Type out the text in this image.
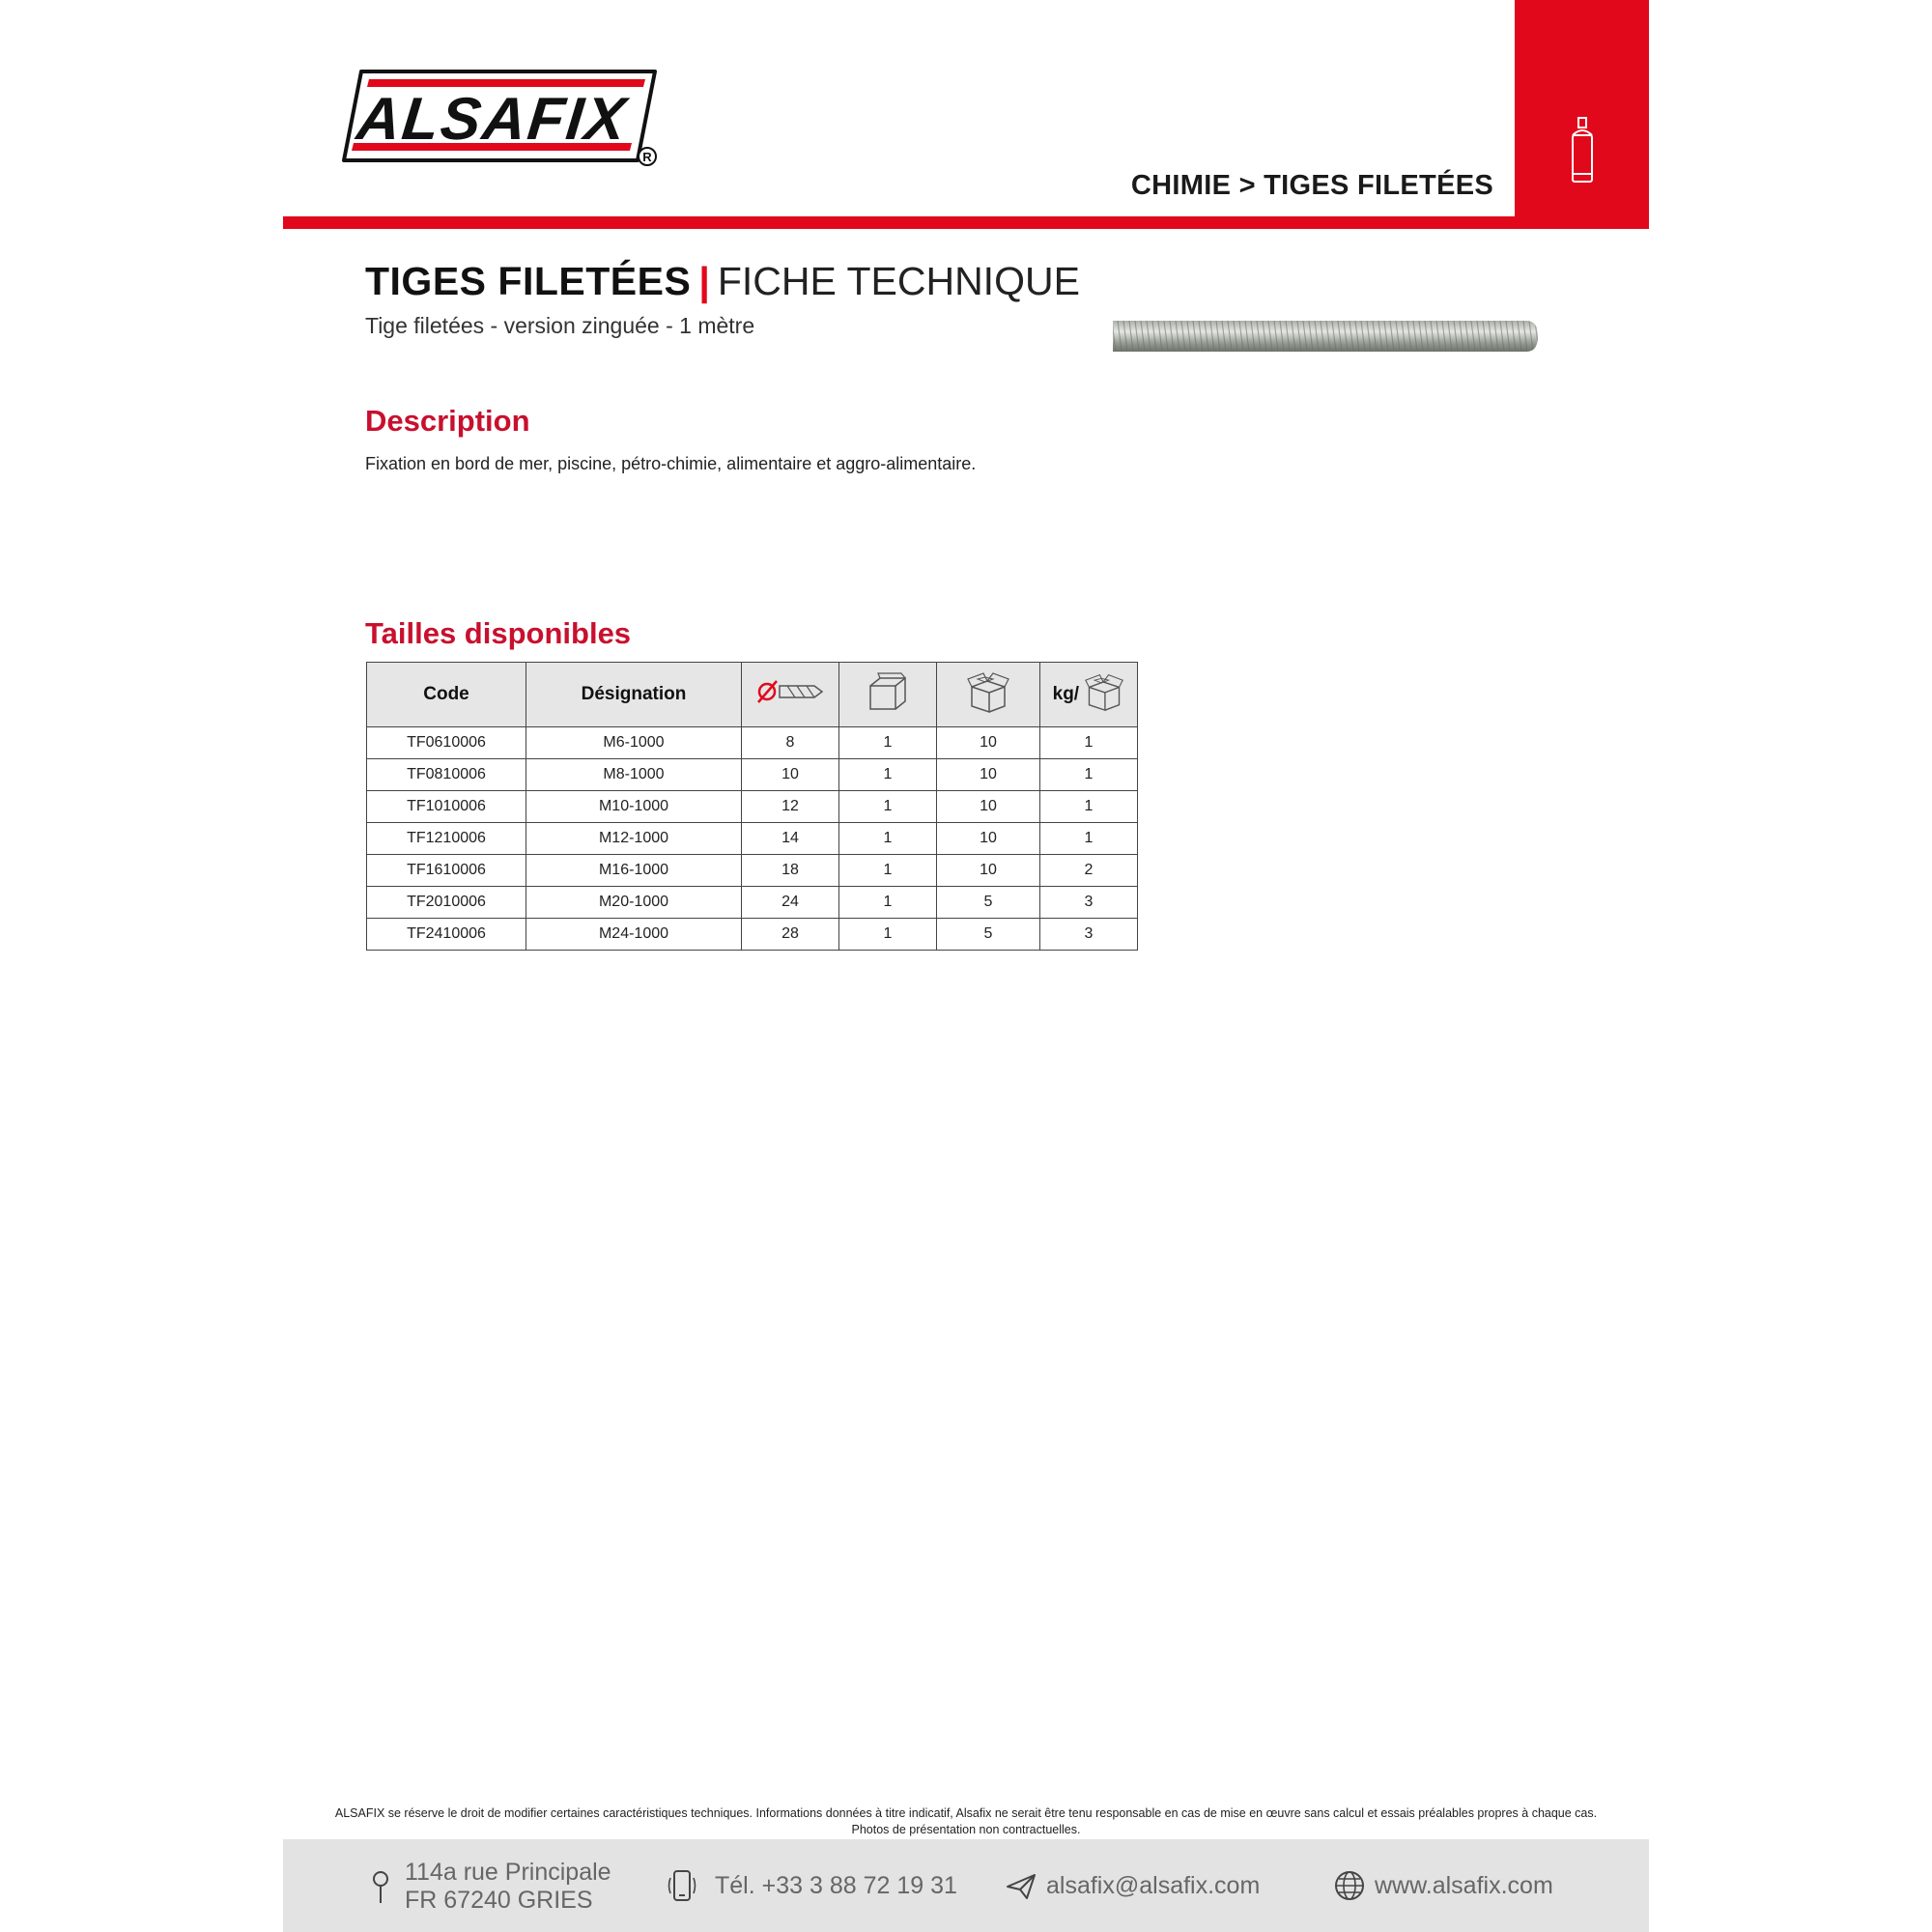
ALSAFIX
R
CHIMIE > TIGES FILETÉES
TIGES FILETÉES | FICHE TECHNIQUE
Tige filetées - version zinguée - 1 mètre
Description
Fixation en bord de mer, piscine, pétro-chimie, alimentaire et aggro-alimentaire.
Tailles disponibles
Code	Désignation				kg/
TF0610006	M6-1000	8	1	10	1
TF0810006	M8-1000	10	1	10	1
TF1010006	M10-1000	12	1	10	1
TF1210006	M12-1000	14	1	10	1
TF1610006	M16-1000	18	1	10	2
TF2010006	M20-1000	24	1	5	3
TF2410006	M24-1000	28	1	5	3
ALSAFIX se réserve le droit de modifier certaines caractéristiques techniques. Informations données à titre indicatif, Alsafix ne serait être tenu responsable en cas de mise en œuvre sans calcul et essais préalables propres à chaque cas.
Photos de présentation non contractuelles.
114a rue Principale
FR 67240 GRIES
Tél. +33 3 88 72 19 31	alsafix@alsafix.com	www.alsafix.com
